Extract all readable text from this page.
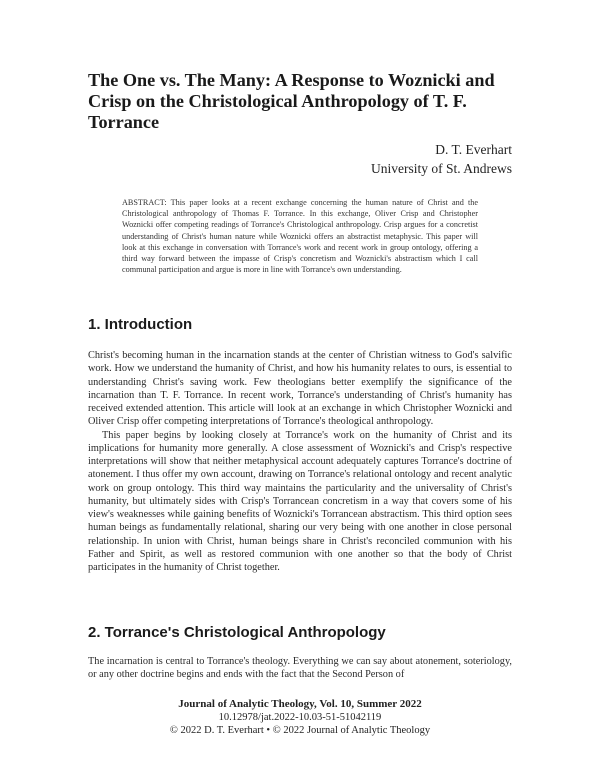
The One vs. The Many: A Response to Woznicki and Crisp on the Christological Anthropology of T. F. Torrance
D. T. Everhart
University of St. Andrews
ABSTRACT: This paper looks at a recent exchange concerning the human nature of Christ and the Christological anthropology of Thomas F. Torrance. In this exchange, Oliver Crisp and Christopher Woznicki offer competing readings of Torrance's Christological anthropology. Crisp argues for a concretist understanding of Christ's human nature while Woznicki offers an abstractist metaphysic. This paper will look at this exchange in conversation with Torrance's work and recent work in group ontology, offering a third way forward between the impasse of Crisp's concretism and Woznicki's abstractism which I call communal participation and argue is more in line with Torrance's own understanding.
1. Introduction

Christ's becoming human in the incarnation stands at the center of Christian witness to God's salvific work. How we understand the humanity of Christ, and how his humanity relates to ours, is essential to understanding Christ's saving work. Few theologians better exemplify the significance of the incarnation than T. F. Torrance. In recent work, Torrance's understanding of Christ's humanity has received extended attention. This article will look at an exchange in which Christopher Woznicki and Oliver Crisp offer competing interpretations of Torrance's theological anthropology.

This paper begins by looking closely at Torrance's work on the humanity of Christ and its implications for humanity more generally. A close assessment of Woznicki's and Crisp's respective interpretations will show that neither metaphysical account adequately captures Torrance's doctrine of atonement. I thus offer my own account, drawing on Torrance's relational ontology and recent analytic work on group ontology. This third way maintains the particularity and the universality of Christ's humanity, but ultimately sides with Crisp's Torrancean concretism in a way that covers some of his view's weaknesses while gaining benefits of Woznicki's Torrancean abstractism. This third option sees human beings as fundamentally relational, sharing our very being with one another in close personal relationship. In union with Christ, human beings share in Christ's reconciled communion with his Father and Spirit, as well as restored communion with one another so that the body of Christ participates in the humanity of Christ together.

2. Torrance's Christological Anthropology

The incarnation is central to Torrance's theology. Everything we can say about atonement, soteriology, or any other doctrine begins and ends with the fact that the Second Person of

Journal of Analytic Theology, Vol. 10, Summer 2022
10.12978/jat.2022-10.03-51-51042119
© 2022 D. T. Everhart • © 2022 Journal of Analytic Theology
